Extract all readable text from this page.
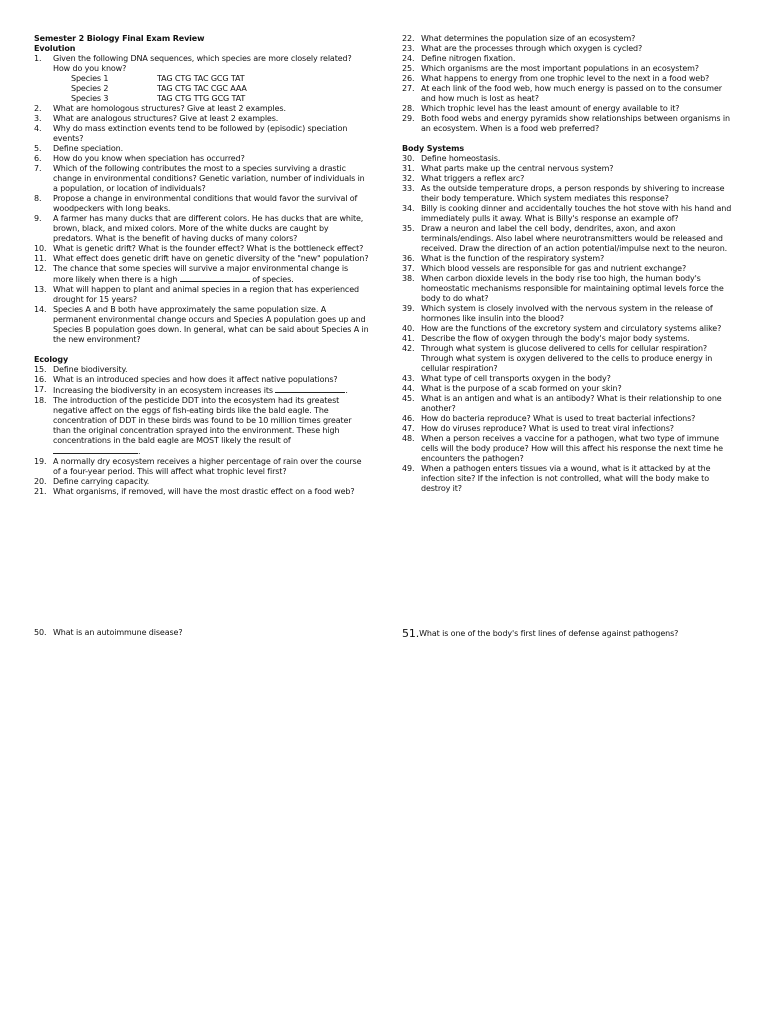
Semester 2 Biology Final Exam Review
Evolution
1.	Given the following DNA sequences, which species are more closely related? How do you know?
Species 1	TAG CTG TAC GCG TAT
Species 2	TAG CTG TAC CGC AAA
Species 3	TAG CTG TTG GCG TAT
2.	What are homologous structures? Give at least 2 examples.
3.	What are analogous structures? Give at least 2 examples.
4.	Why do mass extinction events tend to be followed by (episodic) speciation events?
5.	Define speciation.
6.	How do you know when speciation has occurred?
7.	Which of the following contributes the most to a species surviving a drastic change in environmental conditions? Genetic variation, number of individuals in a population, or location of individuals?
8.	Propose a change in environmental conditions that would favor the survival of woodpeckers with long beaks.
9.	A farmer has many ducks that are different colors. He has ducks that are white, brown, black, and mixed colors. More of the white ducks are caught by predators. What is the benefit of having ducks of many colors?
10. What is genetic drift? What is the founder effect? What is the bottleneck effect?
11. What effect does genetic drift have on genetic diversity of the "new" population?
12. The chance that some species will survive a major environmental change is more likely when there is a high	of species.
13. What will happen to plant and animal species in a region that has experienced drought for 15 years?
14. Species A and B both have approximately the same population size. A permanent environmental change occurs and Species A population goes up and Species B population goes down. In general, what can be said about Species A in the new environment?
Ecology
15. Define biodiversity.
16. What is an introduced species and how does it affect native populations?
17. Increasing the biodiversity in an ecosystem increases its	.
18. The introduction of the pesticide DDT into the ecosystem had its greatest negative affect on the eggs of fish-eating birds like the bald eagle. The concentration of DDT in these birds was found to be 10 million times greater than the original concentration sprayed into the environment. These high concentrations in the bald eagle are MOST likely the result of .
19. A normally dry ecosystem receives a higher percentage of rain over the course of a four-year period. This will affect what trophic level first?
20. Define carrying capacity.
21. What organisms, if removed, will have the most drastic effect on a food web?
22. What determines the population size of an ecosystem?
23. What are the processes through which oxygen is cycled?
24. Define nitrogen fixation.
25. Which organisms are the most important populations in an ecosystem?
26. What happens to energy from one trophic level to the next in a food web?
27. At each link of the food web, how much energy is passed on to the consumer and how much is lost as heat?
28. Which trophic level has the least amount of energy available to it?
29. Both food webs and energy pyramids show relationships between organisms in an ecosystem. When is a food web preferred?
Body Systems
30. Define homeostasis.
31. What parts make up the central nervous system?
32. What triggers a reflex arc?
33. As the outside temperature drops, a person responds by shivering to increase their body temperature. Which system mediates this response?
34. Billy is cooking dinner and accidentally touches the hot stove with his hand and immediately pulls it away. What is Billy's response an example of?
35. Draw a neuron and label the cell body, dendrites, axon, and axon terminals/endings. Also label where neurotransmitters would be released and received. Draw the direction of an action potential/impulse next to the neuron.
36. What is the function of the respiratory system?
37. Which blood vessels are responsible for gas and nutrient exchange?
38. When carbon dioxide levels in the body rise too high, the human body's homeostatic mechanisms responsible for maintaining optimal levels force the body to do what?
39. Which system is closely involved with the nervous system in the release of hormones like insulin into the blood?
40. How are the functions of the excretory system and circulatory systems alike?
41. Describe the flow of oxygen through the body's major body systems.
42. Through what system is glucose delivered to cells for cellular respiration? Through what system is oxygen delivered to the cells to produce energy in cellular respiration?
43. What type of cell transports oxygen in the body?
44. What is the purpose of a scab formed on your skin?
45. What is an antigen and what is an antibody? What is their relationship to one another?
46. How do bacteria reproduce? What is used to treat bacterial infections?
47. How do viruses reproduce? What is used to treat viral infections?
48. When a person receives a vaccine for a pathogen, what two type of immune cells will the body produce? How will this affect his response the next time he encounters the pathogen?
49. When a pathogen enters tissues via a wound, what is it attacked by at the infection site? If the infection is not controlled, what will the body make to destroy it?
50. What is an autoimmune disease?	51. What is one of the body's first lines of defense against pathogens?
